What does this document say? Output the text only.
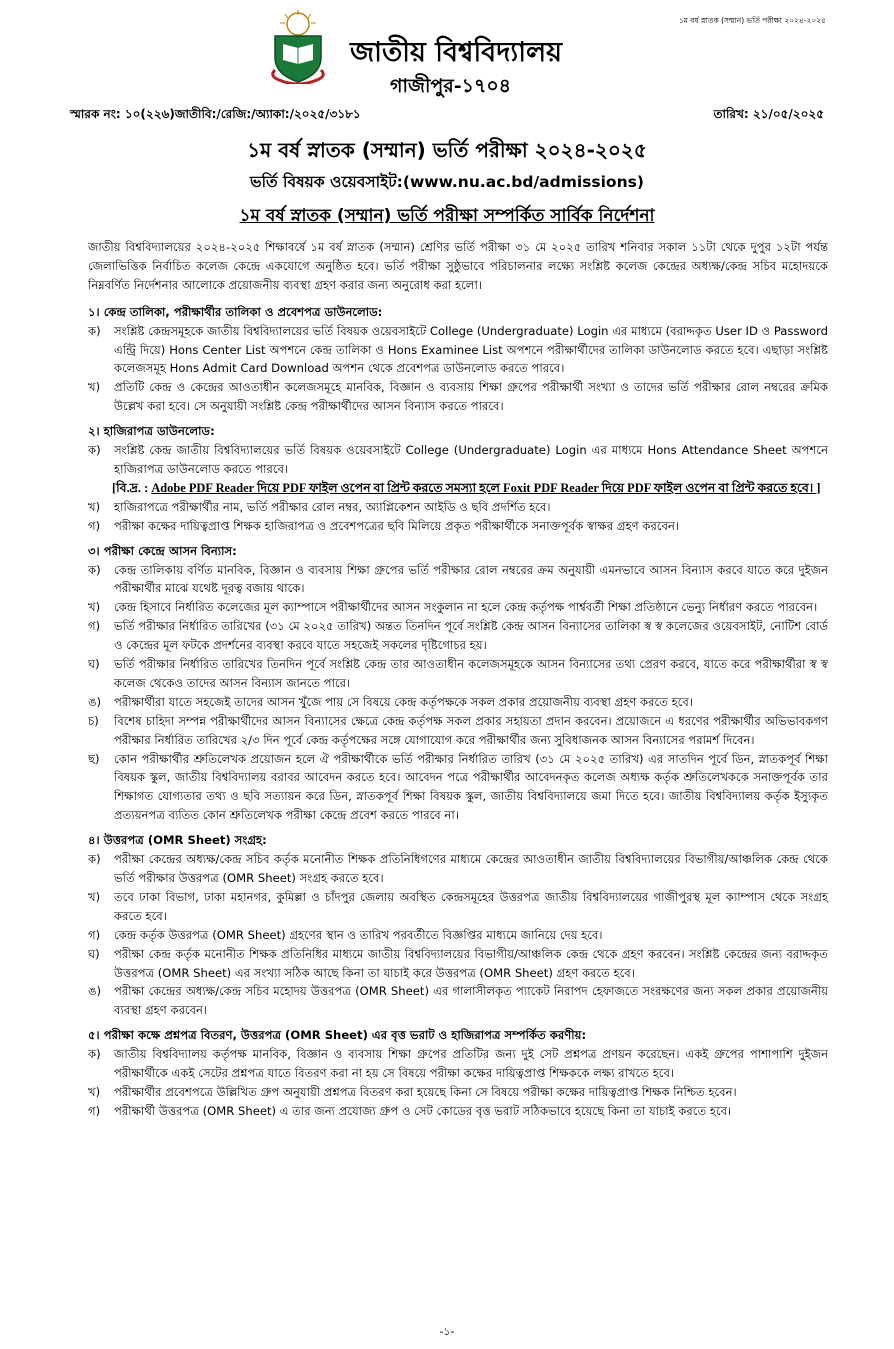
১ম বর্ষ স্নাতক (সম্মান) ভর্তি পরীক্ষা ২০২৪-২০২৫
জাতীয় বিশ্ববিদ্যালয়
গাজীপুর-১৭০৪
স্মারক নং: ১০(২২৬)জাতীবি:/রেজি:/অ্যাকা:/২০২৫/৩১৮১	তারিখ: ২১/০৫/২০২৫
১ম বর্ষ স্নাতক (সম্মান) ভর্তি পরীক্ষা ২০২৪-২০২৫
ভর্তি বিষয়ক ওয়েবসাইট:(www.nu.ac.bd/admissions)
১ম বর্ষ স্নাতক (সম্মান) ভর্তি পরীক্ষা সম্পর্কিত সার্বিক নির্দেশনা
জাতীয় বিশ্ববিদ্যালয়ের ২০২৪-২০২৫ শিক্ষাবর্ষে ১ম বর্ষ স্নাতক (সম্মান) শ্রেণির ভর্তি পরীক্ষা ৩১ মে ২০২৫ তারিখ শনিবার সকাল ১১টা থেকে দুপুর ১২টা পর্যন্ত জেলাভিত্তিক নির্বাচিত কলেজ কেন্দ্রে একযোগে অনুষ্ঠিত হবে। ভর্তি পরীক্ষা সুষ্ঠুভাবে পরিচালনার লক্ষ্যে সংশ্লিষ্ট কলেজ কেন্দ্রের অধ্যক্ষ/কেন্দ্র সচিব মহোদয়কে নিম্নবর্ণিত নির্দেশনার আলোকে প্রয়োজনীয় ব্যবস্থা গ্রহণ করার জন্য অনুরোধ করা হলো।
১। কেন্দ্র তালিকা, পরীক্ষার্থীর তালিকা ও প্রবেশপত্র ডাউনলোড:
ক)	সংশ্লিষ্ট কেন্দ্রসমূহকে জাতীয় বিশ্ববিদ্যালয়ের ভর্তি বিষয়ক ওয়েবসাইটে College (Undergraduate) Login এর মাধ্যমে (বরাদ্দকৃত User ID ও Password এন্ট্রি দিয়ে) Hons Center List অপশনে কেন্দ্র তালিকা ও Hons Examinee List অপশনে পরীক্ষার্থীদের তালিকা ডাউনলোড করতে হবে। এছাড়া সংশ্লিষ্ট কলেজসমূহ Hons Admit Card Download অপশন থেকে প্রবেশপত্র ডাউনলোড করতে পারবে।
খ)	প্রতিটি কেন্দ্র ও কেন্দ্রের আওতাধীন কলেজসমূহে মানবিক, বিজ্ঞান ও ব্যবসায় শিক্ষা গ্রুপের পরীক্ষার্থী সংখ্যা ও তাদের ভর্তি পরীক্ষার রোল নম্বরের ক্রমিক উল্লেখ করা হবে। সে অনুযায়ী সংশ্লিষ্ট কেন্দ্র পরীক্ষার্থীদের আসন বিন্যাস করতে পারবে।
২। হাজিরাপত্র ডাউনলোড:
ক)	সংশ্লিষ্ট কেন্দ্র জাতীয় বিশ্ববিদ্যালয়ের ভর্তি বিষয়ক ওয়েবসাইটে College (Undergraduate) Login এর মাধ্যমে Hons Attendance Sheet অপশনে হাজিরাপত্র ডাউনলোড করতে পারবে।
[বি.দ্র. : Adobe PDF Reader দিয়ে PDF ফাইল ওপেন বা প্রিন্ট করতে সমস্যা হলে Foxit PDF Reader দিয়ে PDF ফাইল ওপেন বা প্রিন্ট করতে হবে। ]
খ)	হাজিরাপত্রে পরীক্ষার্থীর নাম, ভর্তি পরীক্ষার রোল নম্বর, অ্যাপ্লিকেশন আইডি ও ছবি প্রদর্শিত হবে।
গ)	পরীক্ষা কক্ষের দায়িত্বপ্রাপ্ত শিক্ষক হাজিরাপত্র ও প্রবেশপত্রের ছবি মিলিয়ে প্রকৃত পরীক্ষার্থীকে সনাক্তপূর্বক স্বাক্ষর গ্রহণ করবেন।
৩। পরীক্ষা কেন্দ্রে আসন বিন্যাস:
ক)	কেন্দ্র তালিকায় বর্ণিত মানবিক, বিজ্ঞান ও ব্যবসায় শিক্ষা গ্রুপের ভর্তি পরীক্ষার রোল নম্বরের ক্রম অনুযায়ী এমনভাবে আসন বিন্যাস করবে যাতে করে দুইজন পরীক্ষার্থীর মাঝে যথেষ্ট দূরত্ব বজায় থাকে।
খ)	কেন্দ্র হিসাবে নির্ধারিত কলেজের মূল ক্যাম্পাসে পরীক্ষার্থীদের আসন সংকুলান না হলে কেন্দ্র কর্তৃপক্ষ পার্শ্ববর্তী শিক্ষা প্রতিষ্ঠানে ভেন্যু নির্ধারণ করতে পারবেন।
গ)	ভর্তি পরীক্ষার নির্ধারিত তারিখের (৩১ মে ২০২৫ তারিখ) অন্তত তিনদিন পূর্বে সংশ্লিষ্ট কেন্দ্র আসন বিন্যাসের তালিকা স্ব স্ব কলেজের ওয়েবসাইট, নোটিশ বোর্ড ও কেন্দ্রের মূল ফটকে প্রদর্শনের ব্যবস্থা করবে যাতে সহজেই সকলের দৃষ্টিগোচর হয়।
ঘ)	ভর্তি পরীক্ষার নির্ধারিত তারিখের তিনদিন পূর্বে সংশ্লিষ্ট কেন্দ্র তার আওতাধীন কলেজসমূহকে আসন বিন্যাসের তথ্য প্রেরণ করবে, যাতে করে পরীক্ষার্থীরা স্ব স্ব কলেজ থেকেও তাদের আসন বিন্যাস জানতে পারে।
ঙ)	পরীক্ষার্থীরা যাতে সহজেই তাদের আসন খুঁজে পায় সে বিষয়ে কেন্দ্র কর্তৃপক্ষকে সকল প্রকার প্রয়োজনীয় ব্যবস্থা গ্রহণ করতে হবে।
চ)	বিশেষ চাহিদা সম্পন্ন পরীক্ষার্থীদের আসন বিন্যাসের ক্ষেত্রে কেন্দ্র কর্তৃপক্ষ সকল প্রকার সহায়তা প্রদান করবেন। প্রয়োজনে এ ধরণের পরীক্ষার্থীর অভিভাবকগণ পরীক্ষার নির্ধারিত তারিখের ২/৩ দিন পূর্বে কেন্দ্র কর্তৃপক্ষের সঙ্গে যোগাযোগ করে পরীক্ষার্থীর জন্য সুবিধাজনক আসন বিন্যাসের পরামর্শ দিবেন।
ছ)	কোন পরীক্ষার্থীর শ্রুতিলেখক প্রয়োজন হলে ঐ পরীক্ষার্থীকে ভর্তি পরীক্ষার নির্ধারিত তারিখ (৩১ মে ২০২৫ তারিখ) এর সাতদিন পূর্বে ডিন, স্নাতকপূর্ব শিক্ষা বিষয়ক স্কুল, জাতীয় বিশ্ববিদ্যালয় বরাবর আবেদন করতে হবে। আবেদন পত্রে পরীক্ষার্থীর আবেদনকৃত কলেজ অধ্যক্ষ কর্তৃক শ্রুতিলেখককে সনাক্তপূর্বক তার শিক্ষাগত যোগ্যতার তথ্য ও ছবি সত্যায়ন করে ডিন, স্নাতকপূর্ব শিক্ষা বিষয়ক স্কুল, জাতীয় বিশ্ববিদ্যালয়ে জমা দিতে হবে। জাতীয় বিশ্ববিদ্যালয় কর্তৃক ইস্যুকৃত প্রত্যয়নপত্র ব্যতিত কোন শ্রুতিলেখক পরীক্ষা কেন্দ্রে প্রবেশ করতে পারবে না।
৪। উত্তরপত্র (OMR Sheet) সংগ্রহ:
ক)	পরীক্ষা কেন্দ্রের অধ্যক্ষ/কেন্দ্র সচিব কর্তৃক মনোনীত শিক্ষক প্রতিনিধিগণের মাধ্যমে কেন্দ্রের আওতাধীন জাতীয় বিশ্ববিদ্যালয়ের বিভাগীয়/আঞ্চলিক কেন্দ্র থেকে ভর্তি পরীক্ষার উত্তরপত্র (OMR Sheet) সংগ্রহ করতে হবে।
খ)	তবে ঢাকা বিভাগ, ঢাকা মহানগর, কুমিল্লা ও চাঁদপুর জেলায় অবস্থিত কেন্দ্রসমূহের উত্তরপত্র জাতীয় বিশ্ববিদ্যালয়ের গাজীপুরস্থ মূল ক্যাম্পাস থেকে সংগ্রহ করতে হবে।
গ)	কেন্দ্র কর্তৃক উত্তরপত্র (OMR Sheet) গ্রহণের স্থান ও তারিখ পরবর্তীতে বিজ্ঞপ্তির মাধ্যমে জানিয়ে দেয় হবে।
ঘ)	পরীক্ষা কেন্দ্র কর্তৃক মনোনীত শিক্ষক প্রতিনিধির মাধ্যমে জাতীয় বিশ্ববিদ্যালয়ের বিভাগীয়/আঞ্চলিক কেন্দ্র থেকে গ্রহণ করবেন। সংশ্লিষ্ট কেন্দ্রের জন্য বরাদ্দকৃত উত্তরপত্র (OMR Sheet) এর সংখ্যা সঠিক আছে কিনা তা যাচাই করে উত্তরপত্র (OMR Sheet) গ্রহণ করতে হবে।
ঙ)	পরীক্ষা কেন্দ্রের অধ্যক্ষ/কেন্দ্র সচিব মহোদয় উত্তরপত্র (OMR Sheet) এর গালাসীলকৃত প্যাকেট নিরাপদ হেফাজতে সংরক্ষণের জন্য সকল প্রকার প্রয়োজনীয় ব্যবস্থা গ্রহণ করবেন।
৫। পরীক্ষা কক্ষে প্রশ্নপত্র বিতরণ, উত্তরপত্র (OMR Sheet) এর বৃত্ত ভরাট ও হাজিরাপত্র সম্পর্কিত করণীয়:
ক)	জাতীয় বিশ্ববিদ্যালয় কর্তৃপক্ষ মানবিক, বিজ্ঞান ও ব্যবসায় শিক্ষা গ্রুপের প্রতিটির জন্য দুই সেট প্রশ্নপত্র প্রণয়ন করেছেন। একই গ্রুপের পাশাপাশি দুইজন পরীক্ষার্থীকে একই সেটের প্রশ্নপত্র যাতে বিতরণ করা না হয় সে বিষয়ে পরীক্ষা কক্ষের দায়িত্বপ্রাপ্ত শিক্ষককে লক্ষ্য রাখতে হবে।
খ)	পরীক্ষার্থীর প্রবেশপত্রে উল্লিখিত গ্রুপ অনুযায়ী প্রশ্নপত্র বিতরণ করা হয়েছে কিনা সে বিষয়ে পরীক্ষা কক্ষের দায়িত্বপ্রাপ্ত শিক্ষক নিশ্চিত হবেন।
গ)	পরীক্ষার্থী উত্তরপত্র (OMR Sheet) এ তার জন্য প্রযোজ্য গ্রুপ ও সেট কোডের বৃত্ত ভরাট সঠিকভাবে হয়েছে কিনা তা যাচাই করতে হবে।
-১-
